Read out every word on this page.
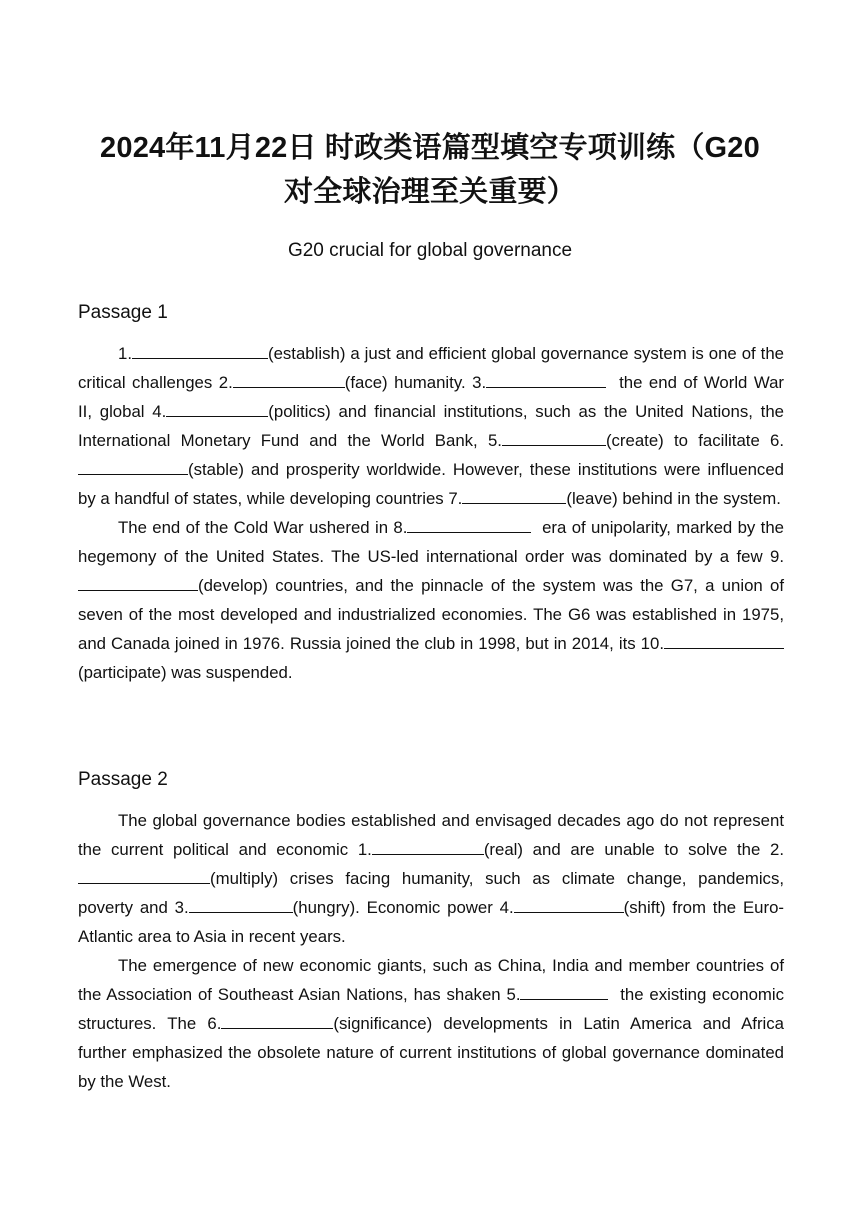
2024年11月22日 时政类语篇型填空专项训练（G20
对全球治理至关重要）
G20 crucial for global governance
Passage 1

1.	(establish) a just and efficient global governance system is one of the critical challenges 2.	(face) humanity. 3.	the end of World War II, global 4.	(politics) and financial institutions, such as the United Nations, the International Monetary Fund and the World Bank, 5.	(create) to facilitate 6.(stable) and prosperity worldwide. However, these institutions were influenced by a handful of states, while developing countries 7.	(leave) behind in the system.

The end of the Cold War ushered in 8.	era of unipolarity, marked by the hegemony of the United States. The US-led international order was dominated by a few 9.(develop) countries, and the pinnacle of the system was the G7, a union of seven of the most developed and industrialized economies. The G6 was established in 1975, and Canada joined in 1976. Russia joined the club in 1998, but in 2014, its 10.(participate) was suspended.

Passage 2

The global governance bodies established and envisaged decades ago do not represent the current political and economic 1.	(real) and are unable to solve the 2.(multiply) crises facing humanity, such as climate change, pandemics, poverty and 3.	(hungry). Economic power 4.	(shift) from the Euro-Atlantic area to Asia in recent years.

The emergence of new economic giants, such as China, India and member countries of the Association of Southeast Asian Nations, has shaken 5.	the existing economic structures. The 6.	(significance) developments in Latin America and Africa further emphasized the obsolete nature of current institutions of global governance dominated by the West.
